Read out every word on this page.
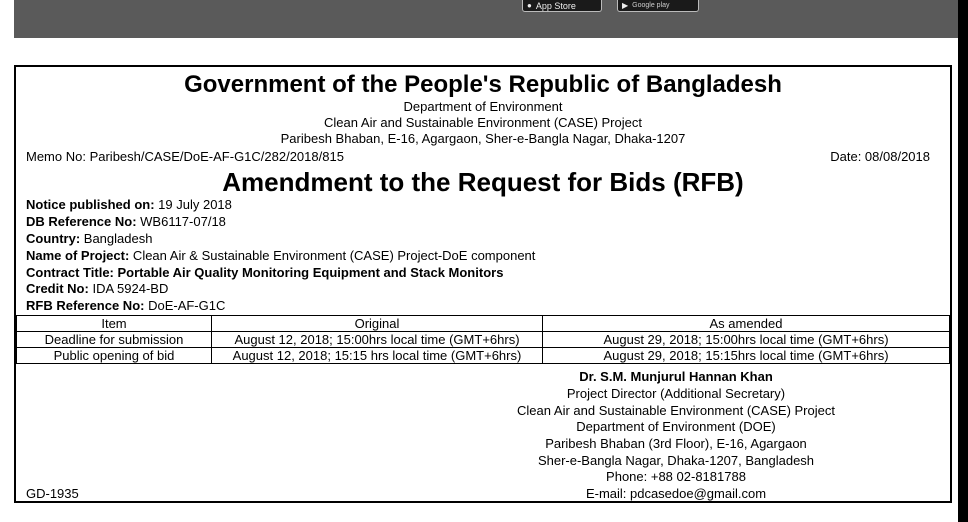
● App Store	▶ Google play
Government of the People's Republic of Bangladesh
Department of Environment
Clean Air and Sustainable Environment (CASE) Project
Paribesh Bhaban, E-16, Agargaon, Sher-e-Bangla Nagar, Dhaka-1207
Memo No: Paribesh/CASE/DoE-AF-G1C/282/2018/815	Date: 08/08/2018
Amendment to the Request for Bids (RFB)
Notice published on: 19 July 2018
DB Reference No: WB6117-07/18
Country: Bangladesh
Name of Project: Clean Air & Sustainable Environment (CASE) Project-DoE component
Contract Title: Portable Air Quality Monitoring Equipment and Stack Monitors
Credit No: IDA 5924-BD
RFB Reference No: DoE-AF-G1C
Item	Original	As amended
Deadline for submission	August 12, 2018; 15:00hrs local time (GMT+6hrs)	August 29, 2018; 15:00hrs local time (GMT+6hrs)
Public opening of bid	August 12, 2018; 15:15 hrs local time (GMT+6hrs)	August 29, 2018; 15:15hrs local time (GMT+6hrs)
Dr. S.M. Munjurul Hannan Khan
Project Director (Additional Secretary)
Clean Air and Sustainable Environment (CASE) Project
Department of Environment (DOE)
Paribesh Bhaban (3rd Floor), E-16, Agargaon
Sher-e-Bangla Nagar, Dhaka-1207, Bangladesh
Phone: +88 02-8181788
E-mail: pdcasedoe@gmail.com
GD-1935
